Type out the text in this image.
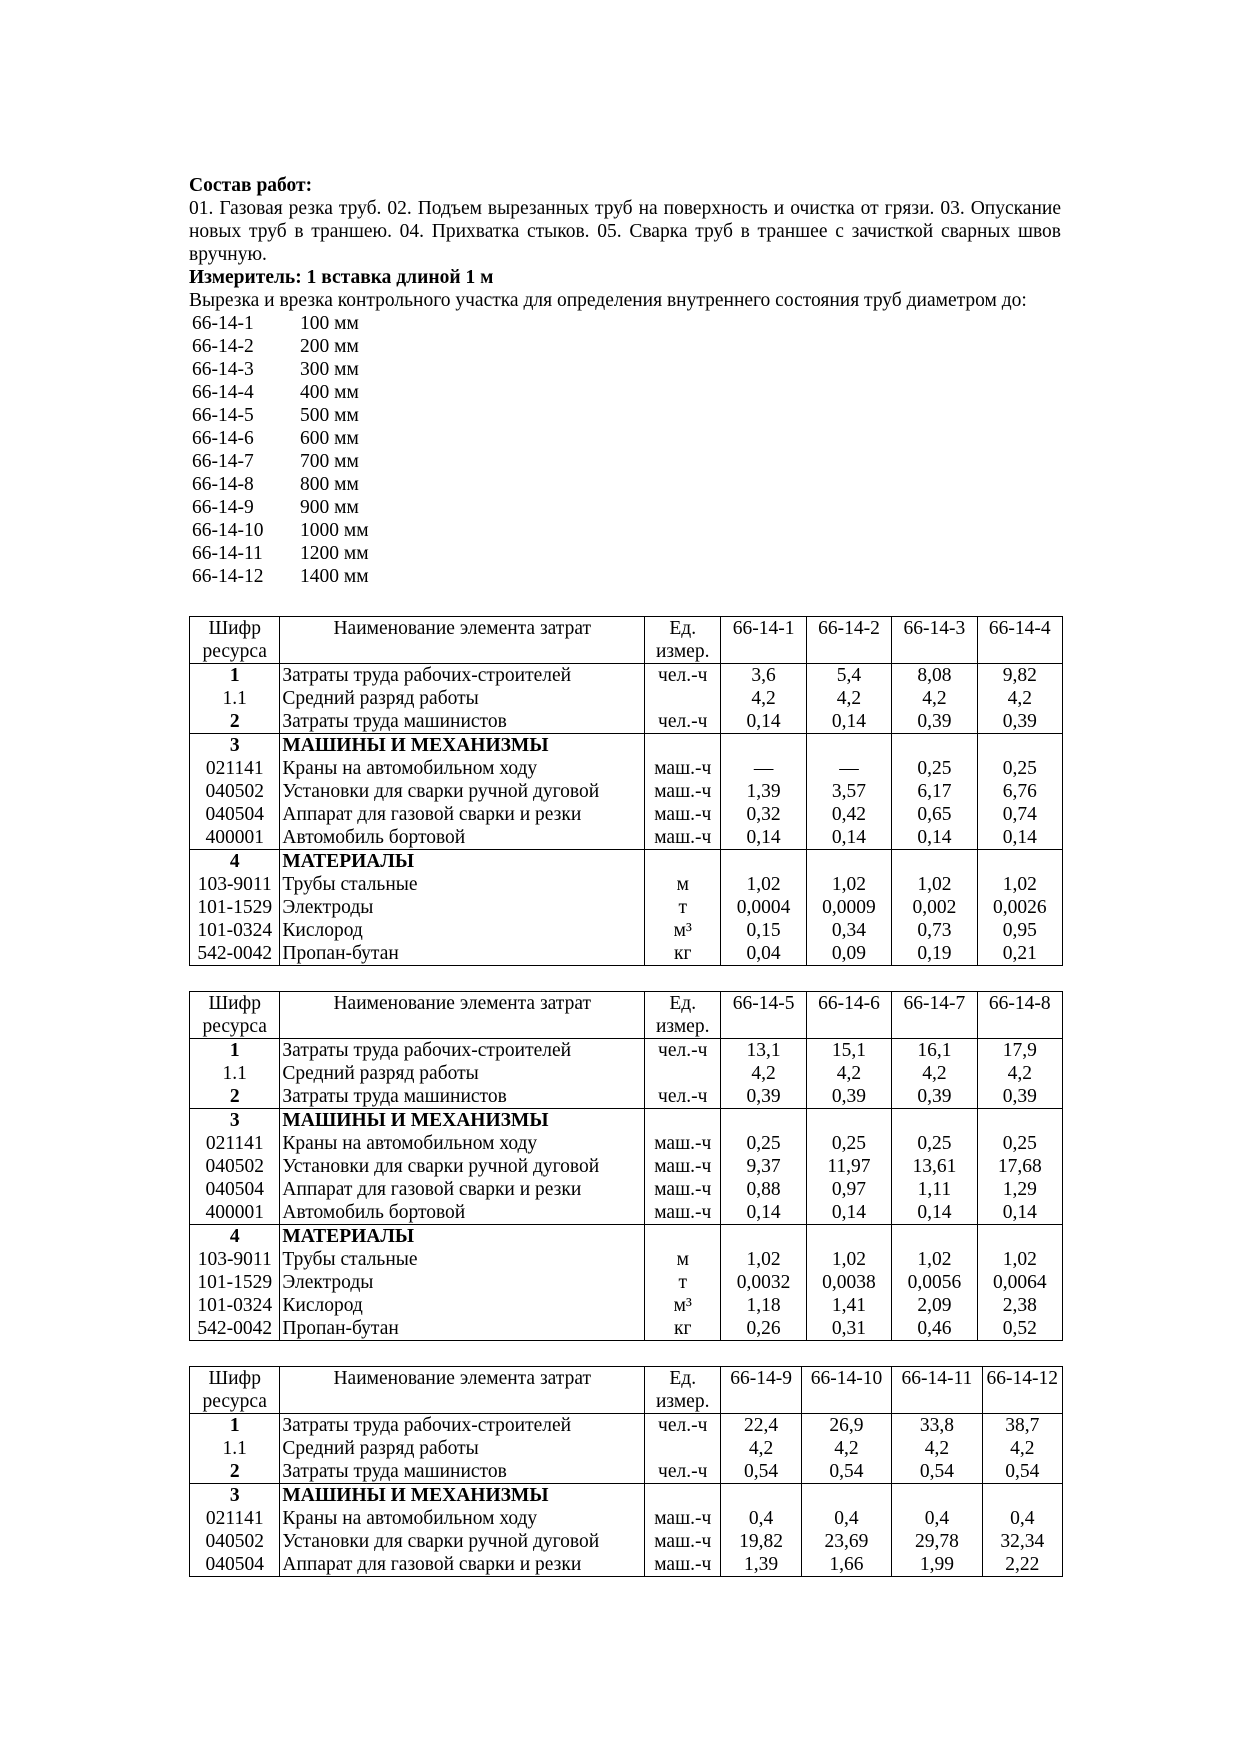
Состав работ:
01. Газовая резка труб. 02. Подъем вырезанных труб на поверхность и очистка от грязи. 03. Опускание новых труб в траншею. 04. Прихватка стыков. 05. Сварка труб в траншее с зачисткой сварных швов вручную.
Измеритель: 1 вставка длиной 1 м
Вырезка и врезка контрольного участка для определения внутреннего состояния труб диаметром до:
66-14-1	100 мм
66-14-2	200 мм
66-14-3	300 мм
66-14-4	400 мм
66-14-5	500 мм
66-14-6	600 мм
66-14-7	700 мм
66-14-8	800 мм
66-14-9	900 мм
66-14-10	1000 мм
66-14-11	1200 мм
66-14-12	1400 мм
Шифр ресурса	Наименование элемента затрат	Ед. измер.	66-14-1	66-14-2	66-14-3	66-14-4
1	Затраты труда рабочих-строителей	чел.-ч	3,6	5,4	8,08	9,82
1.1	Средний разряд работы		4,2	4,2	4,2	4,2
2	Затраты труда машинистов	чел.-ч	0,14	0,14	0,39	0,39
3	МАШИНЫ И МЕХАНИЗМЫ					
021141	Краны на автомобильном ходу	маш.-ч	—	—	0,25	0,25
040502	Установки для сварки ручной дуговой	маш.-ч	1,39	3,57	6,17	6,76
040504	Аппарат для газовой сварки и резки	маш.-ч	0,32	0,42	0,65	0,74
400001	Автомобиль бортовой	маш.-ч	0,14	0,14	0,14	0,14
4	МАТЕРИАЛЫ					
103-9011	Трубы стальные	м	1,02	1,02	1,02	1,02
101-1529	Электроды	т	0,0004	0,0009	0,002	0,0026
101-0324	Кислород	м³	0,15	0,34	0,73	0,95
542-0042	Пропан-бутан	кг	0,04	0,09	0,19	0,21
Шифр ресурса	Наименование элемента затрат	Ед. измер.	66-14-5	66-14-6	66-14-7	66-14-8
1	Затраты труда рабочих-строителей	чел.-ч	13,1	15,1	16,1	17,9
1.1	Средний разряд работы		4,2	4,2	4,2	4,2
2	Затраты труда машинистов	чел.-ч	0,39	0,39	0,39	0,39
3	МАШИНЫ И МЕХАНИЗМЫ					
021141	Краны на автомобильном ходу	маш.-ч	0,25	0,25	0,25	0,25
040502	Установки для сварки ручной дуговой	маш.-ч	9,37	11,97	13,61	17,68
040504	Аппарат для газовой сварки и резки	маш.-ч	0,88	0,97	1,11	1,29
400001	Автомобиль бортовой	маш.-ч	0,14	0,14	0,14	0,14
4	МАТЕРИАЛЫ					
103-9011	Трубы стальные	м	1,02	1,02	1,02	1,02
101-1529	Электроды	т	0,0032	0,0038	0,0056	0,0064
101-0324	Кислород	м³	1,18	1,41	2,09	2,38
542-0042	Пропан-бутан	кг	0,26	0,31	0,46	0,52
Шифр ресурса	Наименование элемента затрат	Ед. измер.	66-14-9	66-14-10	66-14-11	66-14-12
1	Затраты труда рабочих-строителей	чел.-ч	22,4	26,9	33,8	38,7
1.1	Средний разряд работы		4,2	4,2	4,2	4,2
2	Затраты труда машинистов	чел.-ч	0,54	0,54	0,54	0,54
3	МАШИНЫ И МЕХАНИЗМЫ					
021141	Краны на автомобильном ходу	маш.-ч	0,4	0,4	0,4	0,4
040502	Установки для сварки ручной дуговой	маш.-ч	19,82	23,69	29,78	32,34
040504	Аппарат для газовой сварки и резки	маш.-ч	1,39	1,66	1,99	2,22
